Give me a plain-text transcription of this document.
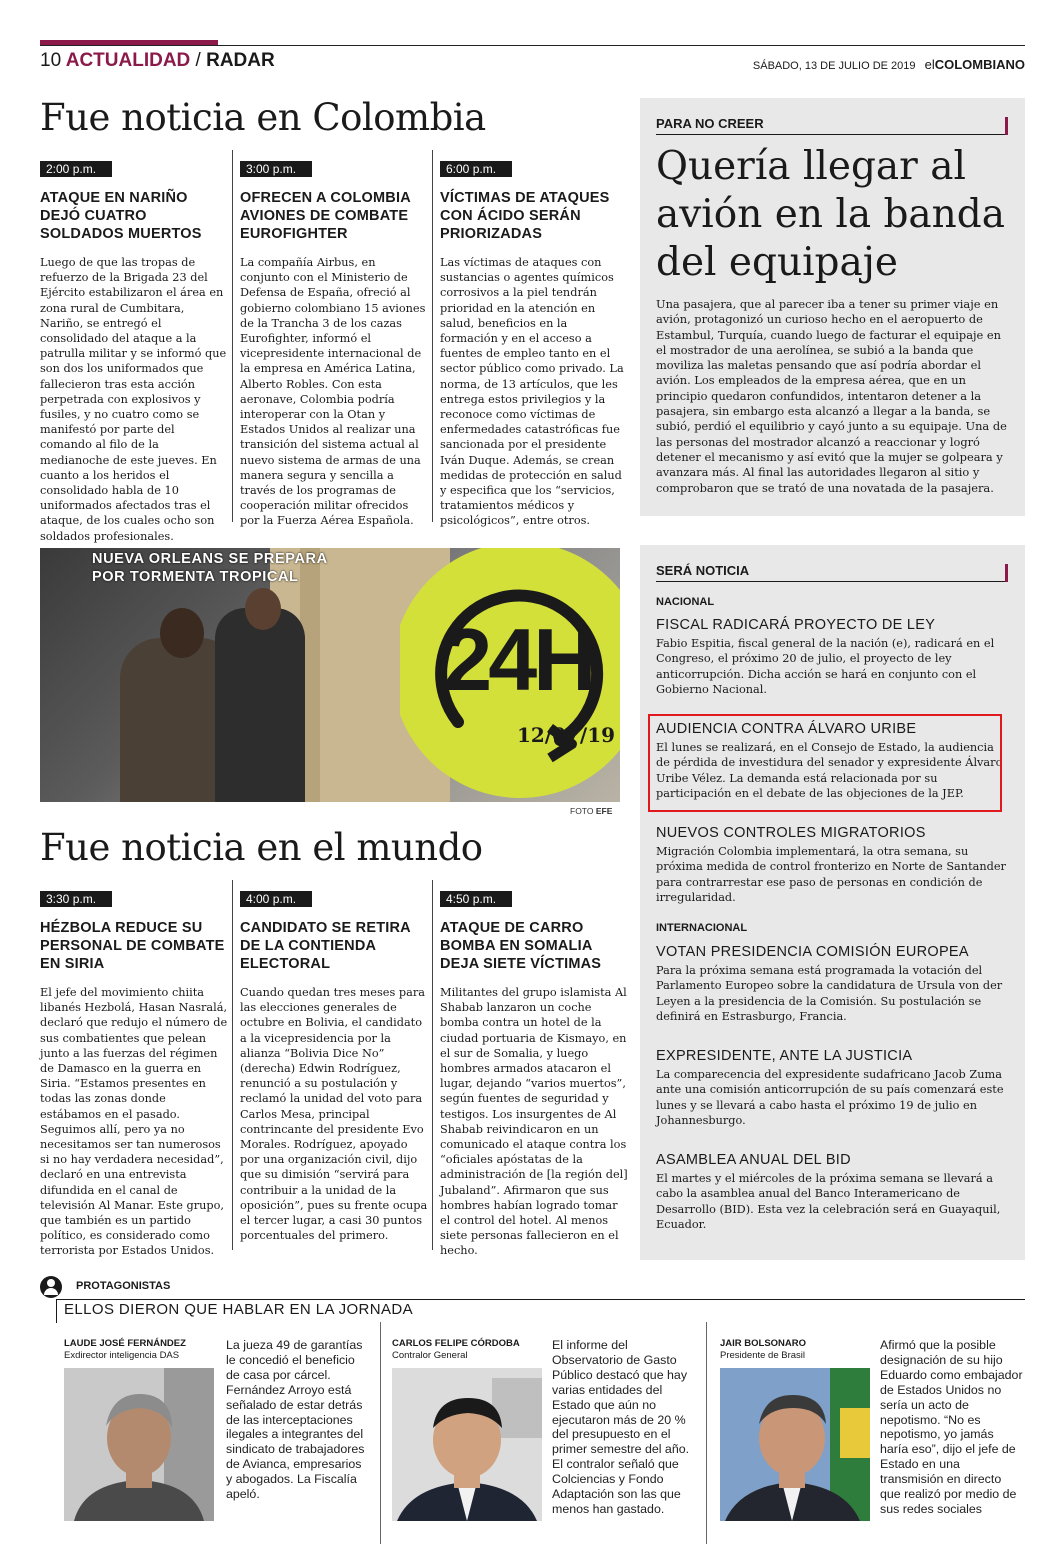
10 ACTUALIDAD / RADAR	SÁBADO, 13 DE JULIO DE 2019 elCOLOMBIANO
Fue noticia en Colombia
2:00 p.m.
ATAQUE EN NARIÑO DEJÓ CUATRO SOLDADOS MUERTOS

Luego de que las tropas de refuerzo de la Brigada 23 del Ejército estabilizaron el área en zona rural de Cumbitara, Nariño, se entregó el consolidado del ataque a la patrulla militar y se informó que son dos los uniformados que fallecieron tras esta acción perpetrada con explosivos y fusiles, y no cuatro como se manifestó por parte del comando al filo de la medianoche de este jueves. En cuanto a los heridos el consolidado habla de 10 uniformados afectados tras el ataque, de los cuales ocho son soldados profesionales.

3:00 p.m.
OFRECEN A COLOMBIA AVIONES DE COMBATE EUROFIGHTER

La compañía Airbus, en conjunto con el Ministerio de Defensa de España, ofreció al gobierno colombiano 15 aviones de la Trancha 3 de los cazas Eurofighter, informó el vicepresidente internacional de la empresa en América Latina, Alberto Robles. Con esta aeronave, Colombia podría interoperar con la Otan y Estados Unidos al realizar una transición del sistema actual al nuevo sistema de armas de una manera segura y sencilla a través de los programas de cooperación militar ofrecidos por la Fuerza Aérea Española.

6:00 p.m.
VÍCTIMAS DE ATAQUES CON ÁCIDO SERÁN PRIORIZADAS

Las víctimas de ataques con sustancias o agentes químicos corrosivos a la piel tendrán prioridad en la atención en salud, beneficios en la formación y en el acceso a fuentes de empleo tanto en el sector público como privado. La norma, de 13 artículos, que les entrega estos privilegios y la reconoce como víctimas de enfermedades catastróficas fue sancionada por el presidente Iván Duque. Además, se crean medidas de protección en salud y especifica que los “servicios, tratamientos médicos y psicológicos”, entre otros.

PARA NO CREER
Quería llegar al avión en la banda del equipaje
Una pasajera, que al parecer iba a tener su primer viaje en avión, protagonizó un curioso hecho en el aeropuerto de Estambul, Turquía, cuando luego de facturar el equipaje en el mostrador de una aerolínea, se subió a la banda que moviliza las maletas pensando que así podría abordar el avión. Los empleados de la empresa aérea, que en un principio quedaron confundidos, intentaron detener a la pasajera, sin embargo esta alcanzó a llegar a la banda, se subió, perdió el equilibrio y cayó junto a su equipaje. Una de las personas del mostrador alcanzó a reaccionar y logró detener el mecanismo y así evitó que la mujer se golpeara y avanzara más. Al final las autoridades llegaron al sitio y comprobaron que se trató de una novatada de la pasajera.
NUEVA ORLEANS SE PREPARA
POR TORMENTA TROPICAL
24H
12/07/19
FOTO EFE
SERÁ NOTICIA
NACIONAL
FISCAL RADICARÁ PROYECTO DE LEY

Fabio Espitia, fiscal general de la nación (e), radicará en el Congreso, el próximo 20 de julio, el proyecto de ley anticorrupción. Dicha acción se hará en conjunto con el Gobierno Nacional.

AUDIENCIA CONTRA ÁLVARO URIBE

El lunes se realizará, en el Consejo de Estado, la audiencia de pérdida de investidura del senador y expresidente Álvaro Uribe Vélez. La demanda está relacionada por su participación en el debate de las objeciones de la JEP.

NUEVOS CONTROLES MIGRATORIOS

Migración Colombia implementará, la otra semana, su próxima medida de control fronterizo en Norte de Santander para contrarrestar ese paso de personas en condición de irregularidad.

INTERNACIONAL
VOTAN PRESIDENCIA COMISIÓN EUROPEA

Para la próxima semana está programada la votación del Parlamento Europeo sobre la candidatura de Ursula von der Leyen a la presidencia de la Comisión. Su postulación se definirá en Estrasburgo, Francia.

EXPRESIDENTE, ANTE LA JUSTICIA

La comparecencia del expresidente sudafricano Jacob Zuma ante una comisión anticorrupción de su país comenzará este lunes y se llevará a cabo hasta el próximo 19 de julio en Johannesburgo.

ASAMBLEA ANUAL DEL BID

El martes y el miércoles de la próxima semana se llevará a cabo la asamblea anual del Banco Interamericano de Desarrollo (BID). Esta vez la celebración será en Guayaquil, Ecuador.

Fue noticia en el mundo
3:30 p.m.
HÉZBOLA REDUCE SU PERSONAL DE COMBATE EN SIRIA

El jefe del movimiento chiita libanés Hezbolá, Hasan Nasralá, declaró que redujo el número de sus combatientes que pelean junto a las fuerzas del régimen de Damasco en la guerra en Siria. “Estamos presentes en todas las zonas donde estábamos en el pasado. Seguimos allí, pero ya no necesitamos ser tan numerosos si no hay verdadera necesidad”, declaró en una entrevista difundida en el canal de televisión Al Manar. Este grupo, que también es un partido político, es considerado como terrorista por Estados Unidos.

4:00 p.m.
CANDIDATO SE RETIRA DE LA CONTIENDA ELECTORAL

Cuando quedan tres meses para las elecciones generales de octubre en Bolivia, el candidato a la vicepresidencia por la alianza “Bolivia Dice No” (derecha) Edwin Rodríguez, renunció a su postulación y reclamó la unidad del voto para Carlos Mesa, principal contrincante del presidente Evo Morales. Rodríguez, apoyado por una organización civil, dijo que su dimisión “servirá para contribuir a la unidad de la oposición”, pues su frente ocupa el tercer lugar, a casi 30 puntos porcentuales del primero.

4:50 p.m.
ATAQUE DE CARRO BOMBA EN SOMALIA DEJA SIETE VÍCTIMAS

Militantes del grupo islamista Al Shabab lanzaron un coche bomba contra un hotel de la ciudad portuaria de Kismayo, en el sur de Somalia, y luego hombres armados atacaron el lugar, dejando “varios muertos”, según fuentes de seguridad y testigos. Los insurgentes de Al Shabab reivindicaron en un comunicado el ataque contra los “oficiales apóstatas de la administración de [la región del] Jubaland”. Afirmaron que sus hombres habían logrado tomar el control del hotel. Al menos siete personas fallecieron en el hecho.

PROTAGONISTAS
ELLOS DIERON QUE HABLAR EN LA JORNADA
LAUDE JOSÉ FERNÁNDEZ
Exdirector inteligencia DAS
La jueza 49 de garantías le concedió el beneficio de casa por cárcel. Fernández Arroyo está señalado de estar detrás de las interceptaciones ilegales a integrantes del sindicato de trabajadores de Avianca, empresarios y abogados. La Fiscalía apeló.
CARLOS FELIPE CÓRDOBA
Contralor General
El informe del Observatorio de Gasto Público destacó que hay varias entidades del Estado que aún no ejecutaron más de 20 % del presupuesto en el primer semestre del año. El contralor señaló que Colciencias y Fondo Adaptación son las que menos han gastado.
JAIR BOLSONARO
Presidente de Brasil
Afirmó que la posible designación de su hijo Eduardo como embajador de Estados Unidos no sería un acto de nepotismo. “No es nepotismo, yo jamás haría eso”, dijo el jefe de Estado en una transmisión en directo que realizó por medio de sus redes sociales
